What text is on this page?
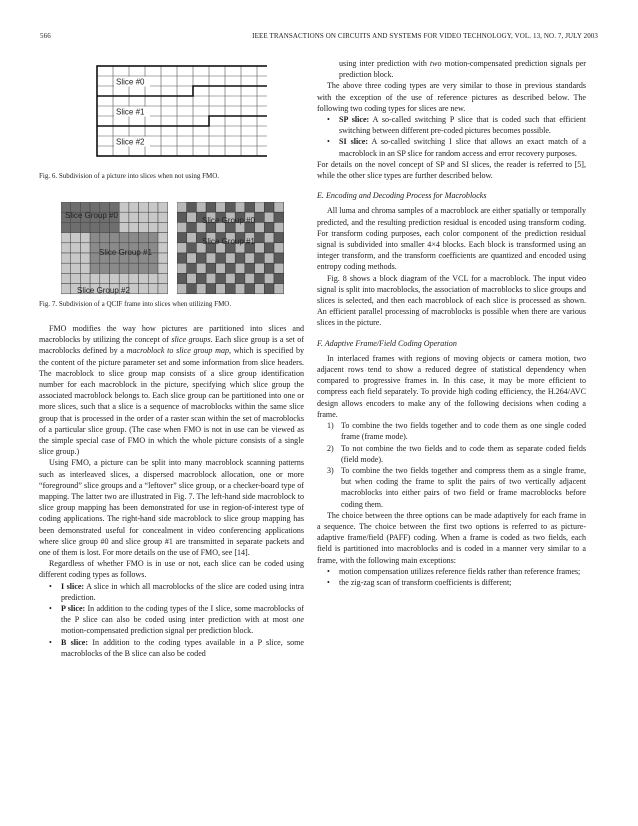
566	IEEE TRANSACTIONS ON CIRCUITS AND SYSTEMS FOR VIDEO TECHNOLOGY, VOL. 13, NO. 7, JULY 2003
Slice #0
Slice #1
Slice #2
Fig. 6. Subdivision of a picture into slices when not using FMO.
Slice Group #0
Slice Group #1
Slice Group #2
Slice Group #0
Slice Group #1
Fig. 7. Subdivision of a QCIF frame into slices when utilizing FMO.

FMO modifies the way how pictures are partitioned into slices and macroblocks by utilizing the concept of slice groups. Each slice group is a set of macroblocks defined by a macroblock to slice group map, which is specified by the content of the picture parameter set and some information from slice headers. The macroblock to slice group map consists of a slice group identification number for each macroblock in the picture, specifying which slice group the associated macroblock belongs to. Each slice group can be partitioned into one or more slices, such that a slice is a sequence of macroblocks within the same slice group that is processed in the order of a raster scan within the set of macroblocks of a particular slice group. (The case when FMO is not in use can be viewed as the simple special case of FMO in which the whole picture consists of a single slice group.)

Using FMO, a picture can be split into many macroblock scanning patterns such as interleaved slices, a dispersed macroblock allocation, one or more “foreground” slice groups and a “leftover” slice group, or a checker-board type of mapping. The latter two are illustrated in Fig. 7. The left-hand side macroblock to slice group mapping has been demonstrated for use in region-of-interest type of coding applications. The right-hand side macroblock to slice group mapping has been demonstrated useful for concealment in video conferencing applications where slice group #0 and slice group #1 are transmitted in separate packets and one of them is lost. For more details on the use of FMO, see [14].

Regardless of whether FMO is in use or not, each slice can be coded using different coding types as follows.

• I slice: A slice in which all macroblocks of the slice are coded using intra prediction.
• P slice: In addition to the coding types of the I slice, some macroblocks of the P slice can also be coded using inter prediction with at most one motion-compensated prediction signal per prediction block.
• B slice: In addition to the coding types available in a P slice, some macroblocks of the B slice can also be coded

using inter prediction with two motion-compensated prediction signals per prediction block.

The above three coding types are very similar to those in previous standards with the exception of the use of reference pictures as described below. The following two coding types for slices are new.

• SP slice: A so-called switching P slice that is coded such that efficient switching between different pre-coded pictures becomes possible.
• SI slice: A so-called switching I slice that allows an exact match of a macroblock in an SP slice for random access and error recovery purposes.

For details on the novel concept of SP and SI slices, the reader is referred to [5], while the other slice types are further described below.

E. Encoding and Decoding Process for Macroblocks

All luma and chroma samples of a macroblock are either spatially or temporally predicted, and the resulting prediction residual is encoded using transform coding. For transform coding purposes, each color component of the prediction residual signal is subdivided into smaller 4×4 blocks. Each block is transformed using an integer transform, and the transform coefficients are quantized and encoded using entropy coding methods.

Fig. 8 shows a block diagram of the VCL for a macroblock. The input video signal is split into macroblocks, the association of macroblocks to slice groups and slices is selected, and then each macroblock of each slice is processed as shown. An efficient parallel processing of macroblocks is possible when there are various slices in the picture.

F. Adaptive Frame/Field Coding Operation

In interlaced frames with regions of moving objects or camera motion, two adjacent rows tend to show a reduced degree of statistical dependency when compared to progressive frames in. In this case, it may be more efficient to compress each field separately. To provide high coding efficiency, the H.264/AVC design allows encoders to make any of the following decisions when coding a frame.

1) To combine the two fields together and to code them as one single coded frame (frame mode).
2) To not combine the two fields and to code them as separate coded fields (field mode).
3) To combine the two fields together and compress them as a single frame, but when coding the frame to split the pairs of two vertically adjacent macroblocks into either pairs of two field or frame macroblocks before coding them.

The choice between the three options can be made adaptively for each frame in a sequence. The choice between the first two options is referred to as picture-adaptive frame/field (PAFF) coding. When a frame is coded as two fields, each field is partitioned into macroblocks and is coded in a manner very similar to a frame, with the following main exceptions:

• motion compensation utilizes reference fields rather than reference frames;
• the zig-zag scan of transform coefficients is different;
